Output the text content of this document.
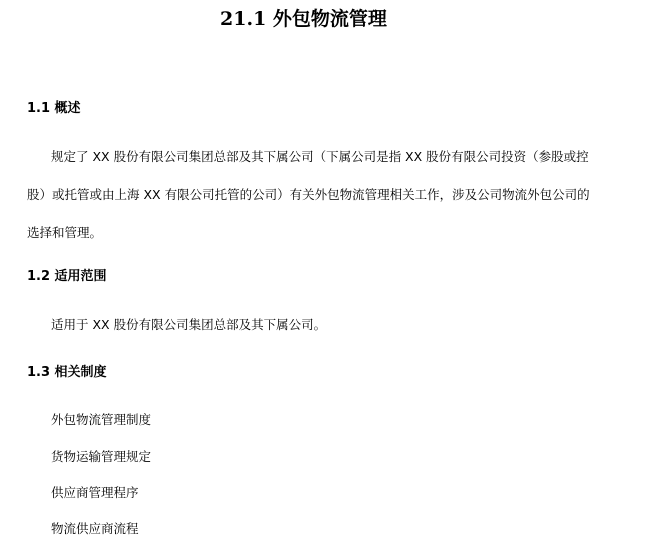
21.1 外包物流管理
1.1 概述

规定了 XX 股份有限公司集团总部及其下属公司（下属公司是指 XX 股份有限公司投资（参股或控股）或托管或由上海 XX 有限公司托管的公司）有关外包物流管理相关工作，涉及公司物流外包公司的选择和管理。

1.2 适用范围

适用于 XX 股份有限公司集团总部及其下属公司。

1.3 相关制度
外包物流管理制度
货物运输管理规定
供应商管理程序
物流供应商流程
